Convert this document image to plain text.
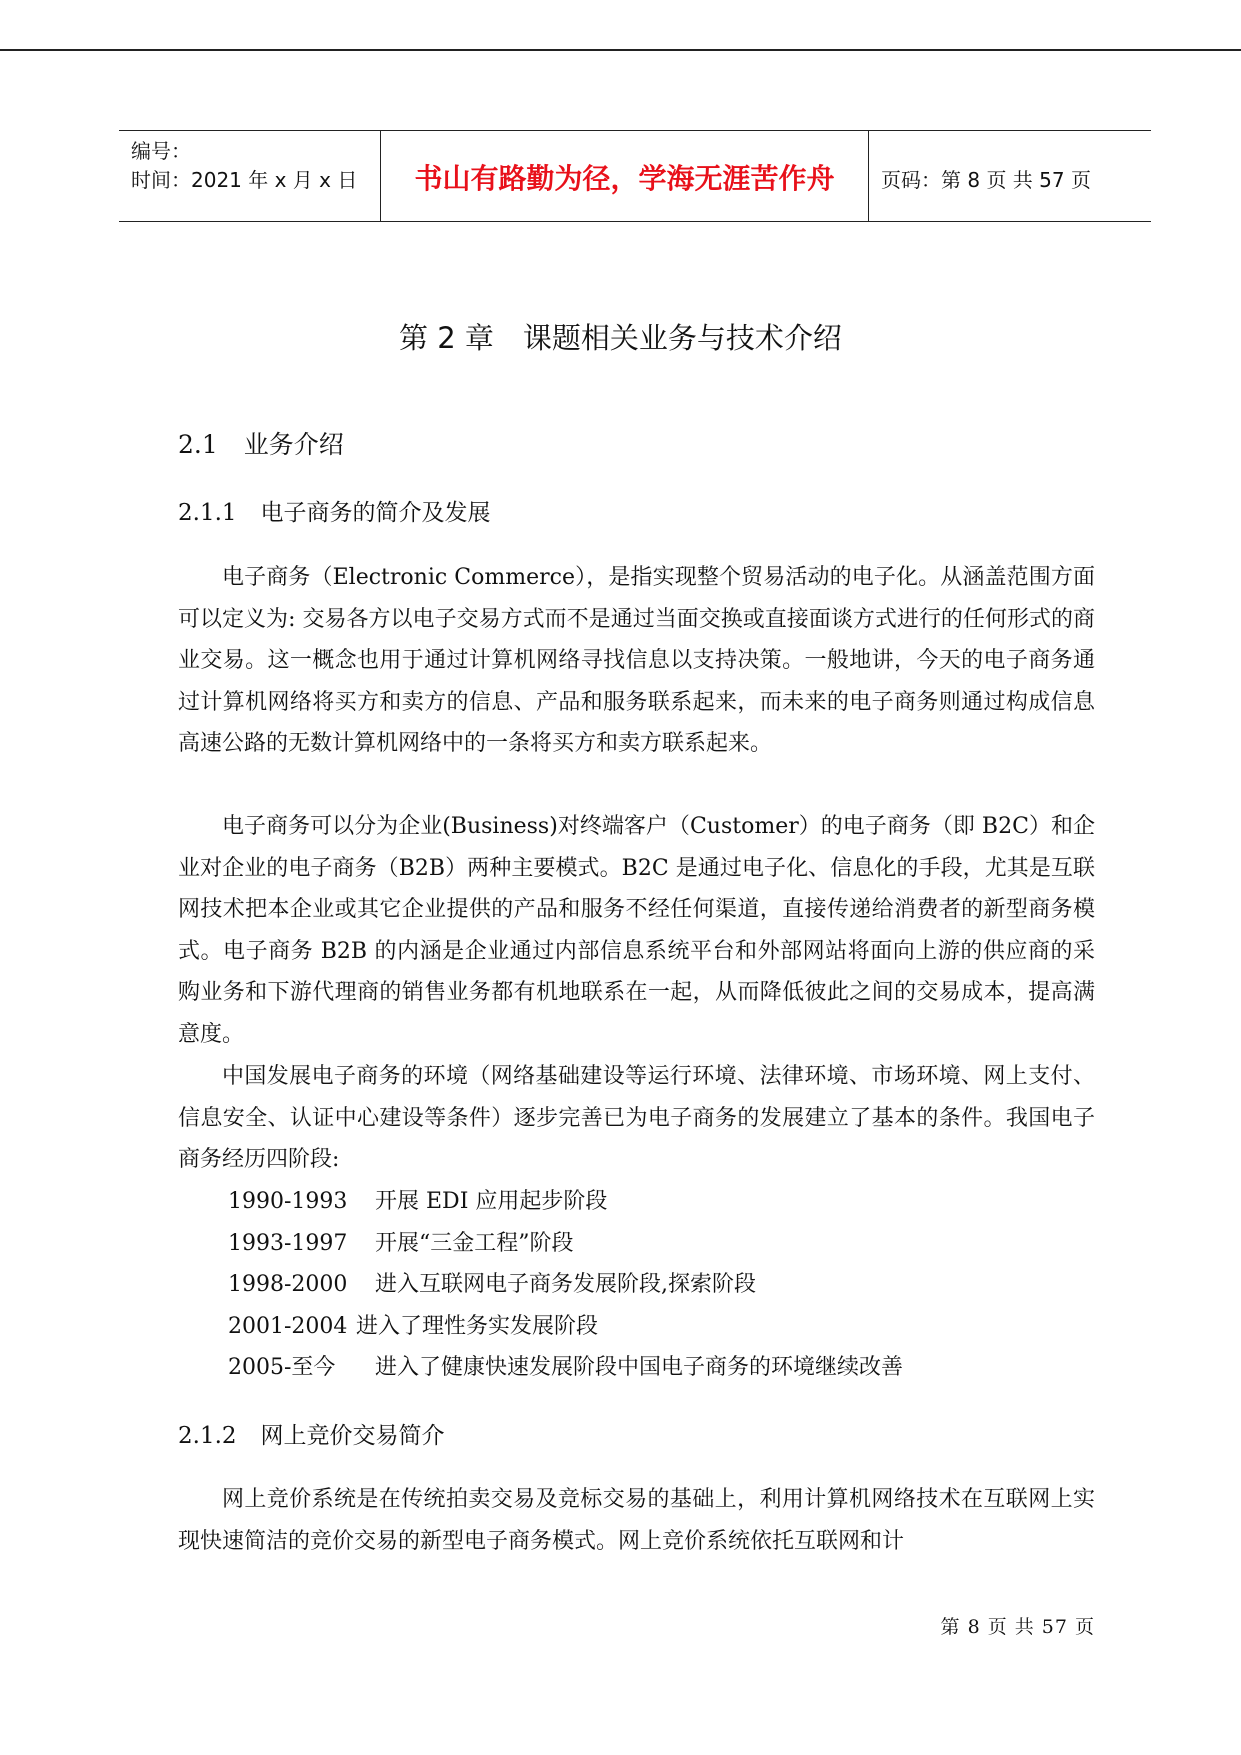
编号：
时间：2021 年 x 月 x 日	书山有路勤为径，学海无涯苦作舟	页码：第 8 页 共 57 页
第 2 章　课题相关业务与技术介绍
2.1 业务介绍
2.1.1 电子商务的简介及发展

电子商务（Electronic Commerce），是指实现整个贸易活动的电子化。从涵盖范围方面可以定义为: 交易各方以电子交易方式而不是通过当面交换或直接面谈方式进行的任何形式的商业交易。这一概念也用于通过计算机网络寻找信息以支持决策。一般地讲，今天的电子商务通过计算机网络将买方和卖方的信息、产品和服务联系起来，而未来的电子商务则通过构成信息高速公路的无数计算机网络中的一条将买方和卖方联系起来。

电子商务可以分为企业(Business)对终端客户（Customer）的电子商务（即 B2C）和企业对企业的电子商务（B2B）两种主要模式。B2C 是通过电子化、信息化的手段，尤其是互联网技术把本企业或其它企业提供的产品和服务不经任何渠道，直接传递给消费者的新型商务模式。电子商务 B2B 的内涵是企业通过内部信息系统平台和外部网站将面向上游的供应商的采购业务和下游代理商的销售业务都有机地联系在一起，从而降低彼此之间的交易成本，提高满意度。

中国发展电子商务的环境（网络基础建设等运行环境、法律环境、市场环境、网上支付、信息安全、认证中心建设等条件）逐步完善已为电子商务的发展建立了基本的条件。我国电子商务经历四阶段:

1990-1993 开展 EDI 应用起步阶段
1993-1997 开展“三金工程”阶段
1998-2000 进入互联网电子商务发展阶段,探索阶段
2001-2004 进入了理性务实发展阶段
2005-至今 进入了健康快速发展阶段中国电子商务的环境继续改善
2.1.2 网上竞价交易简介

网上竞价系统是在传统拍卖交易及竞标交易的基础上，利用计算机网络技术在互联网上实现快速简洁的竞价交易的新型电子商务模式。网上竞价系统依托互联网和计

第 8 页 共 57 页
